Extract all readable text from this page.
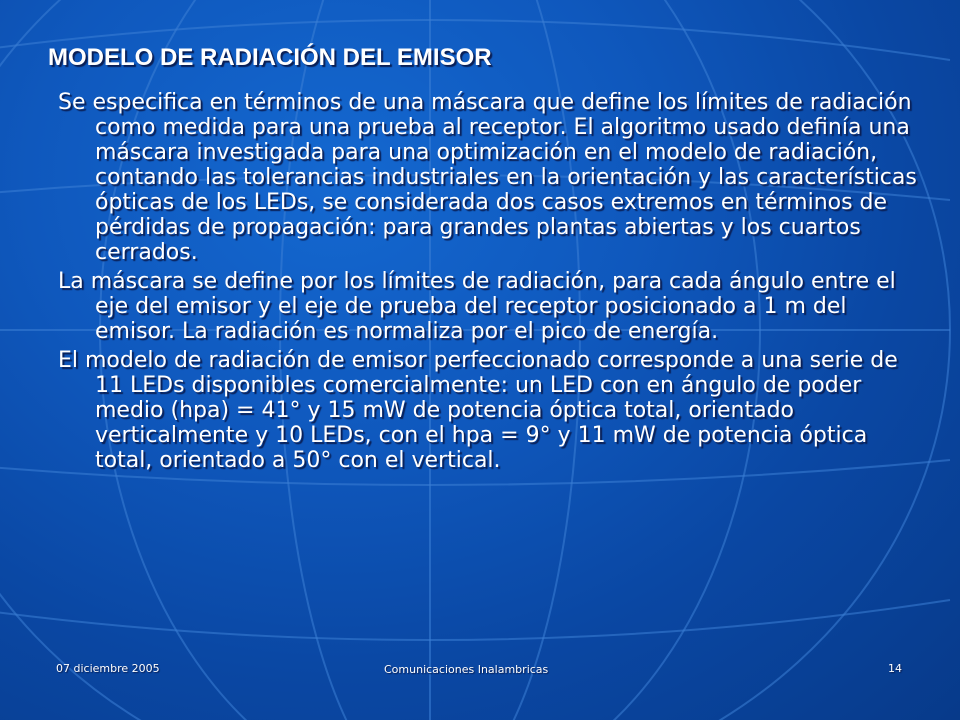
MODELO DE RADIACIÓN DEL EMISOR

Se especifica en términos de una máscara que define los límites de radiación como medida para una prueba al receptor. El algoritmo usado definía una máscara investigada para una optimización en el modelo de radiación, contando las tolerancias industriales en la orientación y las características ópticas de los LEDs, se considerada dos casos extremos en términos de pérdidas de propagación: para grandes plantas abiertas y los cuartos cerrados.

La máscara se define por los límites de radiación, para cada ángulo entre el eje del emisor y el eje de prueba del receptor posicionado a 1 m del emisor. La radiación es normaliza por el pico de energía.

El modelo de radiación de emisor perfeccionado corresponde a una serie de 11 LEDs disponibles comercialmente: un LED con en ángulo de poder medio (hpa) = 41° y 15 mW de potencia óptica total, orientado verticalmente y 10 LEDs, con el hpa = 9° y 11 mW de potencia óptica total, orientado a 50° con el vertical.

07 diciembre 2005	Comunicaciones Inalambricas	14
